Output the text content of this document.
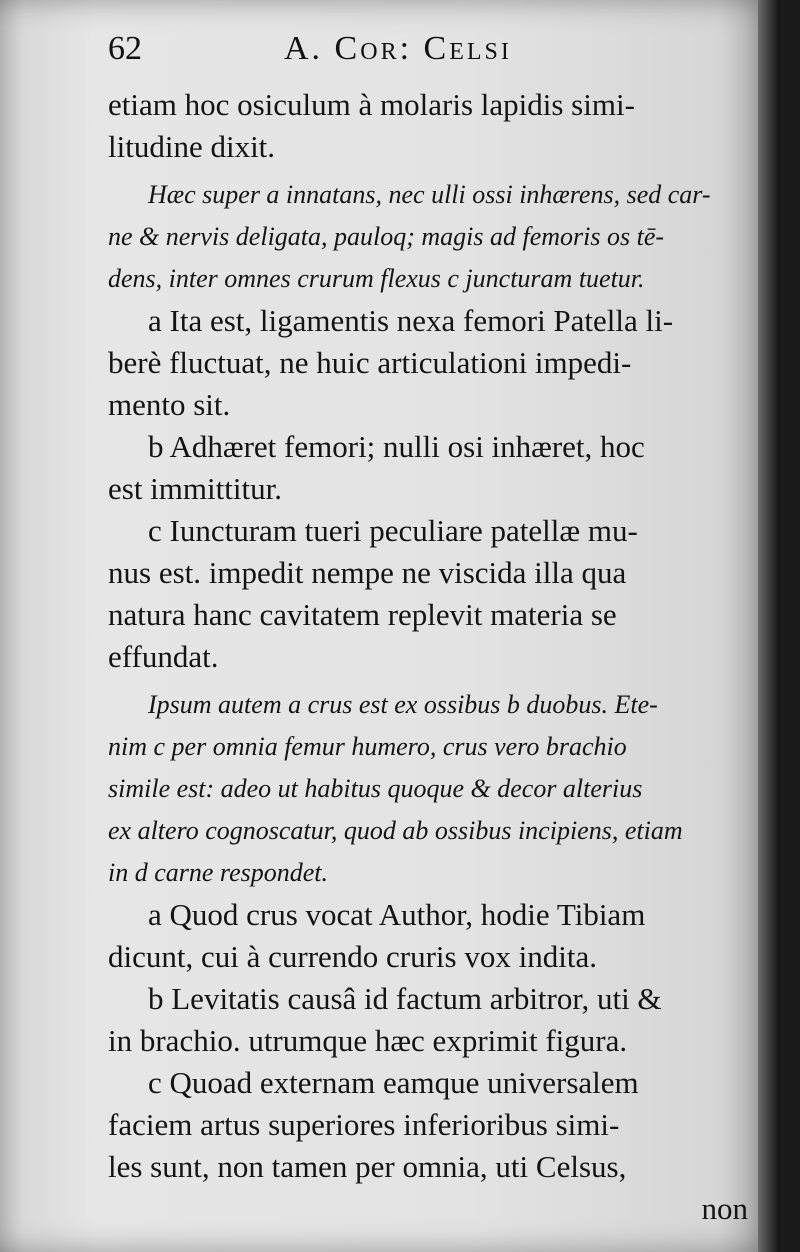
62	A. Cor: Celsi
etiam hoc osiculum à molaris lapidis simi-
litudine dixit.
Hæc super a innatans, nec ulli ossi inhærens, sed car-
ne & nervis deligata, pauloq; magis ad femoris os tē-
dens, inter omnes crurum flexus c juncturam tuetur.
a Ita est, ligamentis nexa femori Patella li-
berè fluctuat, ne huic articulationi impedi-
mento sit.
b Adhæret femori; nulli osi inhæret, hoc
est immittitur.
c Iuncturam tueri peculiare patellæ mu-
nus est. impedit nempe ne viscida illa qua
natura hanc cavitatem replevit materia se
effundat.
Ipsum autem a crus est ex ossibus b duobus. Ete-
nim c per omnia femur humero, crus vero brachio
simile est: adeo ut habitus quoque & decor alterius
ex altero cognoscatur, quod ab ossibus incipiens, etiam
in d carne respondet.
a Quod crus vocat Author, hodie Tibiam
dicunt, cui à currendo cruris vox indita.
b Levitatis causâ id factum arbitror, uti &
in brachio. utrumque hæc exprimit figura.
c Quoad externam eamque universalem
faciem artus superiores inferioribus simi-
les sunt, non tamen per omnia, uti Celsus,
non
